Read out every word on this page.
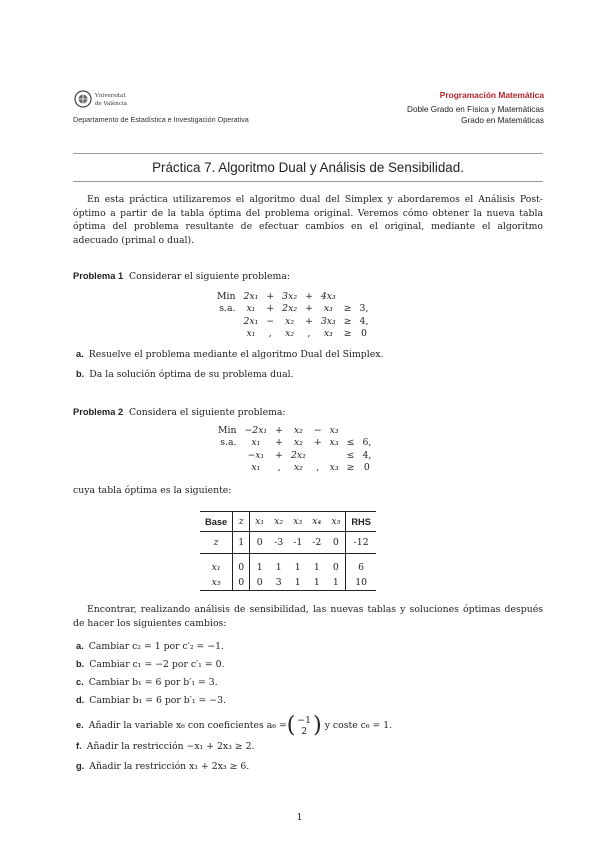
Vniversitat
de València
Departamento de Estadística e Investigación Operativa
Programación Matemática
Doble Grado en Física y Matemáticas
Grado en Matemáticas
Práctica 7. Algoritmo Dual y Análisis de Sensibilidad.
En esta práctica utilizaremos el algoritmo dual del Simplex y abordaremos el Análisis Post-óptimo a partir de la tabla óptima del problema original. Veremos cómo obtener la nueva tabla óptima del problema resultante de efectuar cambios en el original, mediante el algoritmo adecuado (primal o dual).
Problema 1 Considerar el siguiente problema:
Min	2x₁	+	3x₂	+	4x₃		
s.a.	x₁	+	2x₂	+	x₃	≥	3,
	2x₁	−	x₂	+	3x₃	≥	4,
	x₁	,	x₂	,	x₃	≥	0
a. Resuelve el problema mediante el algoritmo Dual del Simplex.
b. Da la solución óptima de su problema dual.
Problema 2 Considera el siguiente problema:
Min	−2x₁	+	x₂	−	x₃		
s.a.	x₁	+	x₂	+	x₃	≤	6,
	−x₁	+	2x₂			≤	4,
	x₁	,	x₂	,	x₃	≥	0
cuya tabla óptima es la siguiente:
Base	z	x₁	x₂	x₃	x₄	x₅	RHS
z	1	0	-3	-1	-2	0	-12
x₁	0	1	1	1	1	0	6
x₅	0	0	3	1	1	1	10
Encontrar, realizando análisis de sensibilidad, las nuevas tablas y soluciones óptimas después de hacer los siguientes cambios:
a. Cambiar c₂ = 1 por c′₂ = −1.
b. Cambiar c₁ = −2 por c′₁ = 0.
c. Cambiar b₁ = 6 por b′₁ = 3.
d. Cambiar b₁ = 6 por b′₁ = −3.
e. Añadir la variable x₆ con coeficientes a₆ =( −1
2 ) y coste c₆ = 1.
f. Añadir la restricción −x₁ + 2x₃ ≥ 2.
g. Añadir la restricción x₁ + 2x₃ ≥ 6.
1
